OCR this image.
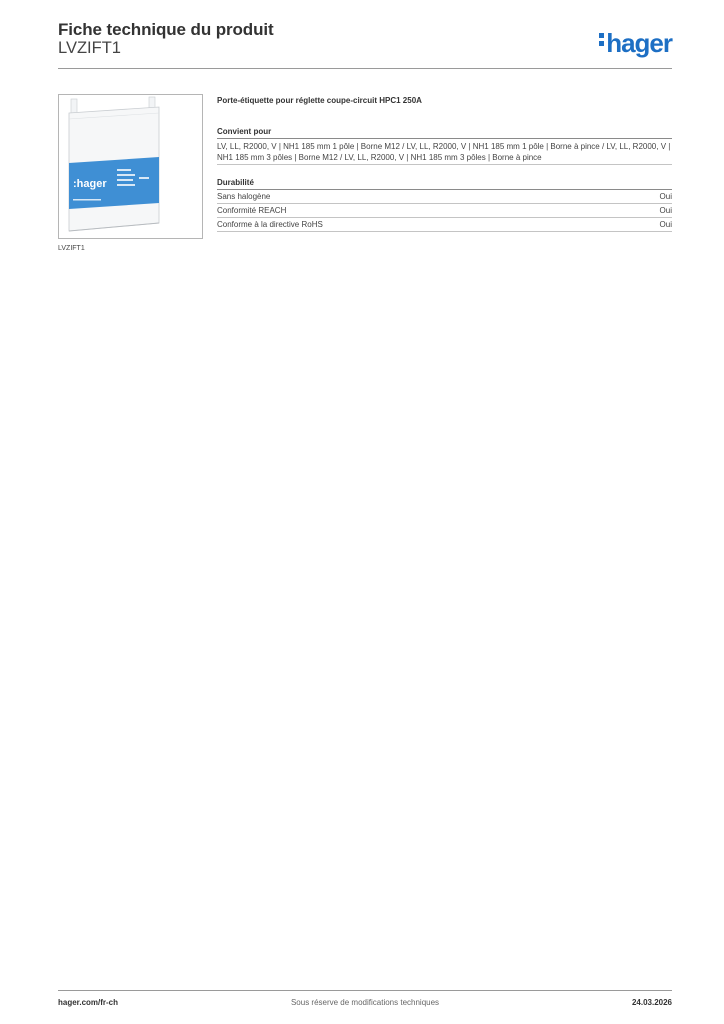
Fiche technique du produit
LVZIFT1	hager
:hager
LVZIFT1
Porte-étiquette pour réglette coupe-circuit HPC1 250A
Convient pour
LV, LL, R2000, V | NH1 185 mm 1 pôle | Borne M12 / LV, LL, R2000, V | NH1 185 mm 1 pôle | Borne à pince / LV, LL, R2000, V | NH1 185 mm 3 pôles | Borne M12 / LV, LL, R2000, V | NH1 185 mm 3 pôles | Borne à pince
Durabilité
Sans halogène	Oui
Conformité REACH	Oui
Conforme à la directive RoHS	Oui
hager.com/fr-ch	Sous réserve de modifications techniques	24.03.2026
